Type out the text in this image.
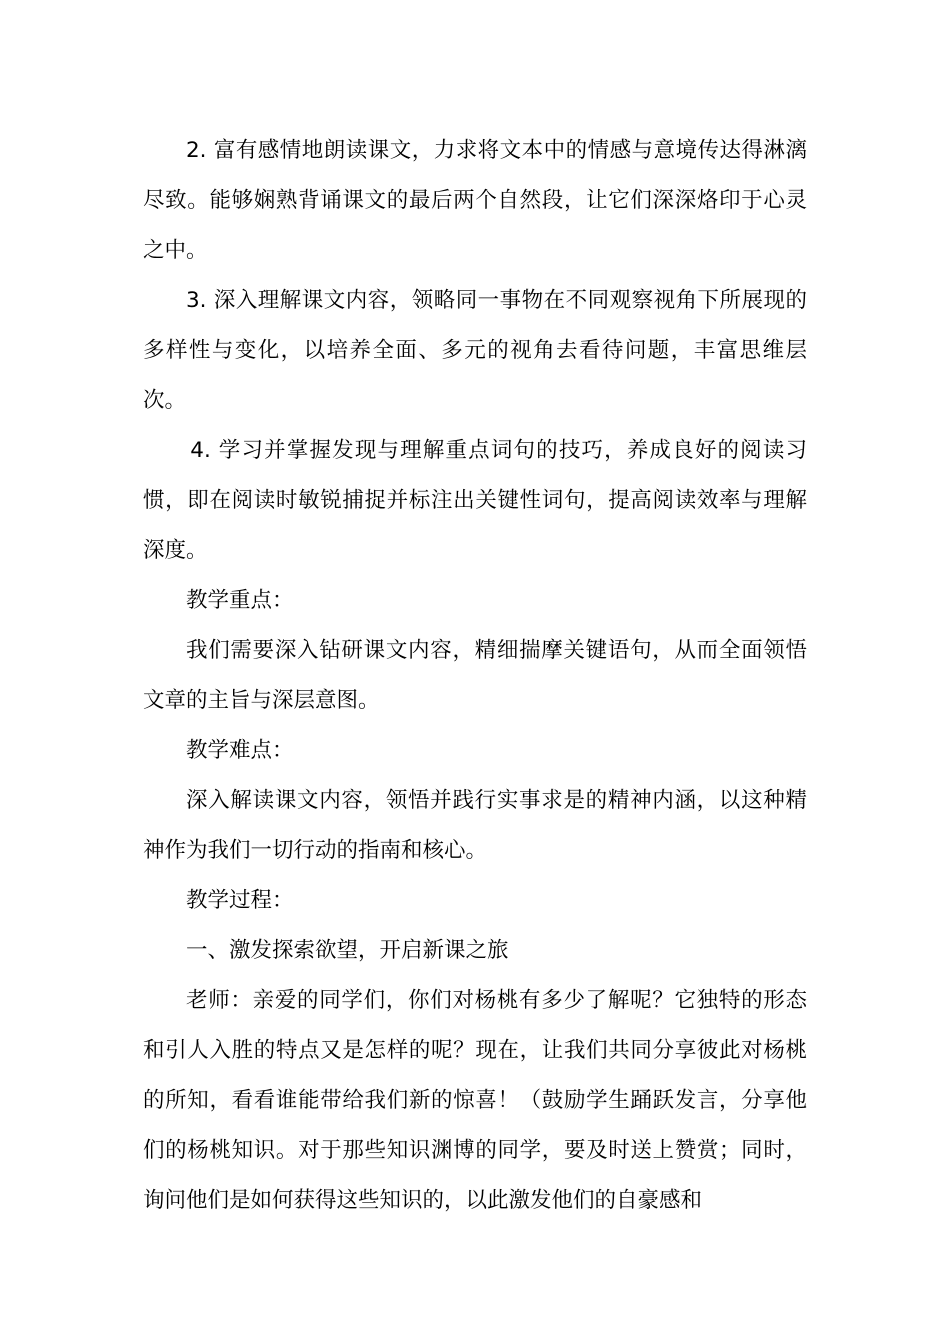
2. 富有感情地朗读课文，力求将文本中的情感与意境传达得淋漓尽致。能够娴熟背诵课文的最后两个自然段，让它们深深烙印于心灵之中。

3. 深入理解课文内容，领略同一事物在不同观察视角下所展现的多样性与变化，以培养全面、多元的视角去看待问题，丰富思维层次。

4. 学习并掌握发现与理解重点词句的技巧，养成良好的阅读习惯，即在阅读时敏锐捕捉并标注出关键性词句，提高阅读效率与理解深度。

教学重点：

我们需要深入钻研课文内容，精细揣摩关键语句，从而全面领悟文章的主旨与深层意图。

教学难点：

深入解读课文内容，领悟并践行实事求是的精神内涵，以这种精神作为我们一切行动的指南和核心。

教学过程：

一、激发探索欲望，开启新课之旅

老师：亲爱的同学们，你们对杨桃有多少了解呢？它独特的形态和引人入胜的特点又是怎样的呢？现在，让我们共同分享彼此对杨桃的所知，看看谁能带给我们新的惊喜！（鼓励学生踊跃发言，分享他们的杨桃知识。对于那些知识渊博的同学，要及时送上赞赏；同时，询问他们是如何获得这些知识的，以此激发他们的自豪感和
